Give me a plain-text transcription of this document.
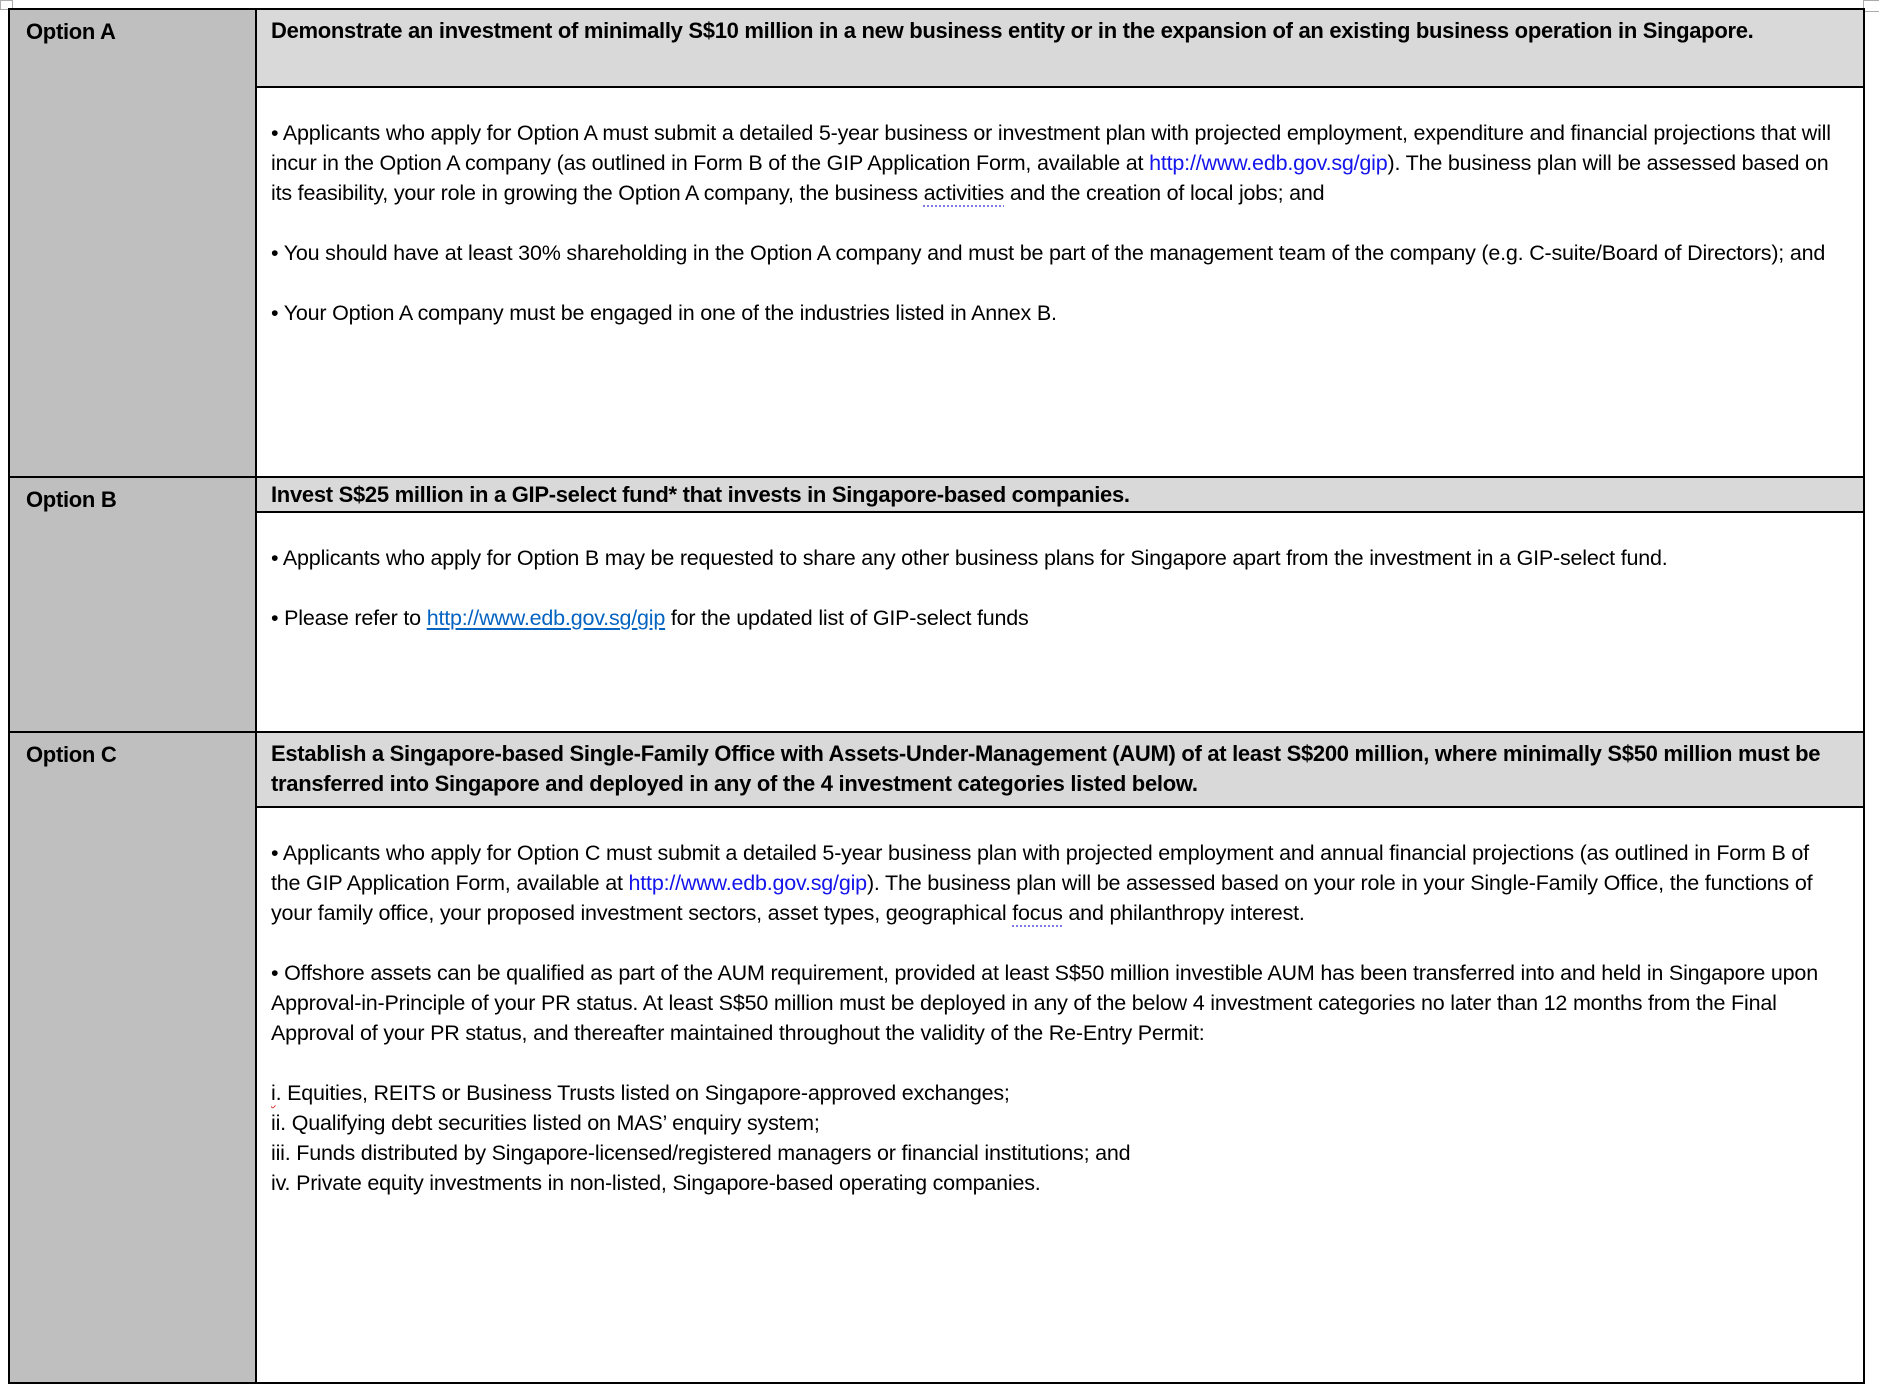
Option A	Demonstrate an investment of minimally S$10 million in a new business entity or in the expansion of an existing business operation in Singapore.

• Applicants who apply for Option A must submit a detailed 5-year business or investment plan with projected employment, expenditure and financial projections that will incur in the Option A company (as outlined in Form B of the GIP Application Form, available at http://www.edb.gov.sg/gip). The business plan will be assessed based on its feasibility, your role in growing the Option A company, the business activities and the creation of local jobs; and

• You should have at least 30% shareholding in the Option A company and must be part of the management team of the company (e.g. C-suite/Board of Directors); and

• Your Option A company must be engaged in one of the industries listed in Annex B.

Option B	Invest S$25 million in a GIP-select fund* that invests in Singapore-based companies.

• Applicants who apply for Option B may be requested to share any other business plans for Singapore apart from the investment in a GIP-select fund.

• Please refer to http://www.edb.gov.sg/gip for the updated list of GIP-select funds

Option C	Establish a Singapore-based Single-Family Office with Assets-Under-Management (AUM) of at least S$200 million, where minimally S$50 million must be transferred into Singapore and deployed in any of the 4 investment categories listed below.

• Applicants who apply for Option C must submit a detailed 5-year business plan with projected employment and annual financial projections (as outlined in Form B of the GIP Application Form, available at http://www.edb.gov.sg/gip). The business plan will be assessed based on your role in your Single-Family Office, the functions of your family office, your proposed investment sectors, asset types, geographical focus and philanthropy interest.

• Offshore assets can be qualified as part of the AUM requirement, provided at least S$50 million investible AUM has been transferred into and held in Singapore upon Approval-in-Principle of your PR status. At least S$50 million must be deployed in any of the below 4 investment categories no later than 12 months from the Final Approval of your PR status, and thereafter maintained throughout the validity of the Re-Entry Permit:

i. Equities, REITS or Business Trusts listed on Singapore-approved exchanges;

ii. Qualifying debt securities listed on MAS’ enquiry system;

iii. Funds distributed by Singapore-licensed/registered managers or financial institutions; and

iv. Private equity investments in non-listed, Singapore-based operating companies.
